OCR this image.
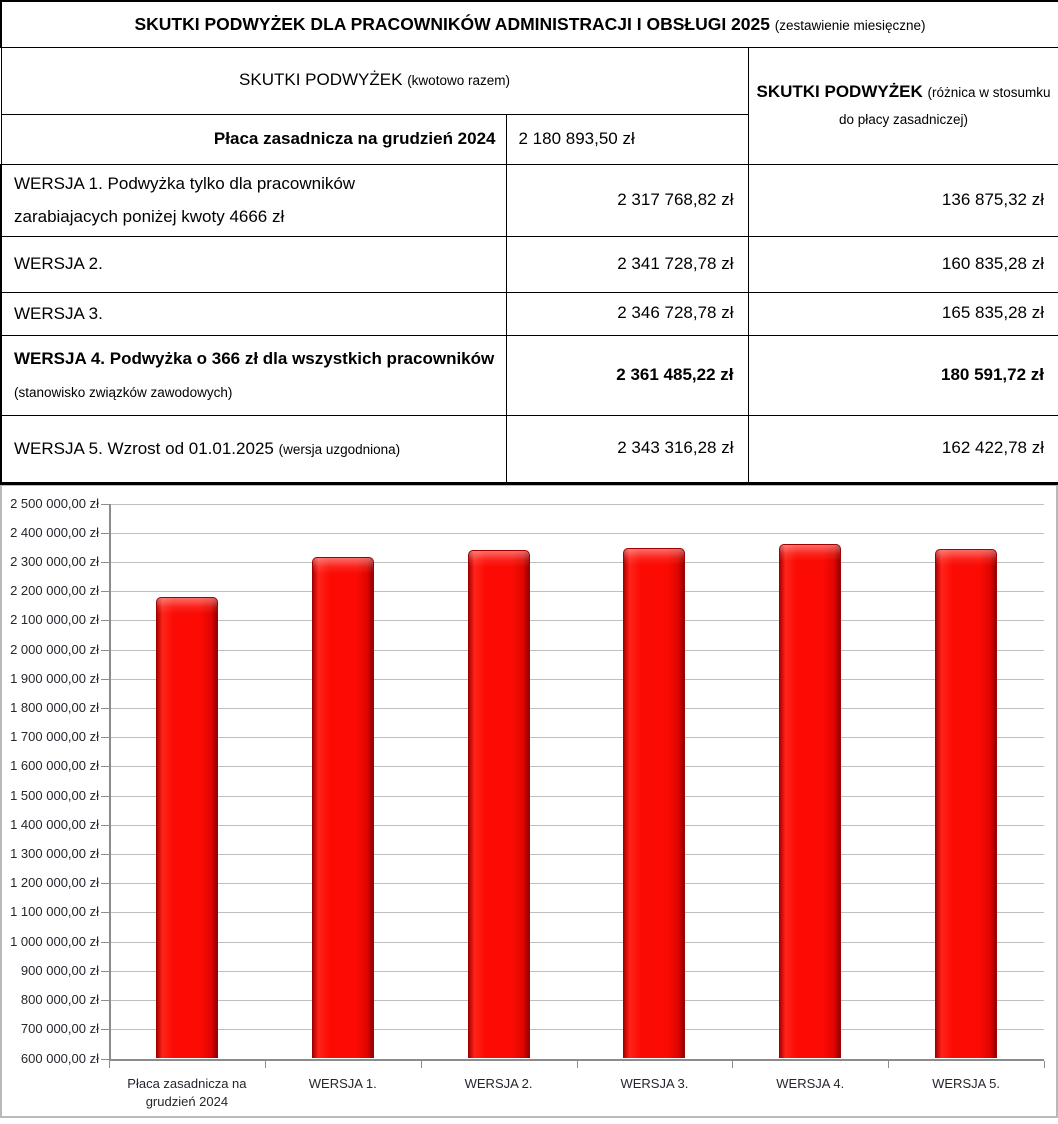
SKUTKI PODWYŻEK DLA PRACOWNIKÓW ADMINISTRACJI I OBSŁUGI 2025 (zestawienie miesięczne)		
SKUTKI PODWYŻEK (kwotowo razem)		SKUTKI PODWYŻEK (różnica w stosumku do płacy zasadniczej)
Płaca zasadnicza na grudzień 2024	2 180 893,50 zł	
WERSJA 1. Podwyżka tylko dla pracowników zarabiajacych poniżej kwoty 4666 zł	2 317 768,82 zł	136 875,32 zł
WERSJA 2.	2 341 728,78 zł	160 835,28 zł
WERSJA 3.	2 346 728,78 zł	165 835,28 zł
WERSJA 4. Podwyżka o 366 zł dla wszystkich pracowników (stanowisko związków zawodowych)	2 361 485,22 zł	180 591,72 zł
WERSJA 5. Wzrost od 01.01.2025 (wersja uzgodniona)	2 343 316,28 zł	162 422,78 zł
600 000,00 zł
700 000,00 zł
800 000,00 zł
900 000,00 zł
1 000 000,00 zł
1 100 000,00 zł
1 200 000,00 zł
1 300 000,00 zł
1 400 000,00 zł
1 500 000,00 zł
1 600 000,00 zł
1 700 000,00 zł
1 800 000,00 zł
1 900 000,00 zł
2 000 000,00 zł
2 100 000,00 zł
2 200 000,00 zł
2 300 000,00 zł
2 400 000,00 zł
2 500 000,00 zł
Płaca zasadnicza na grudzień 2024
WERSJA 1.	WERSJA 2.	WERSJA 3.	WERSJA 4.	WERSJA 5.
